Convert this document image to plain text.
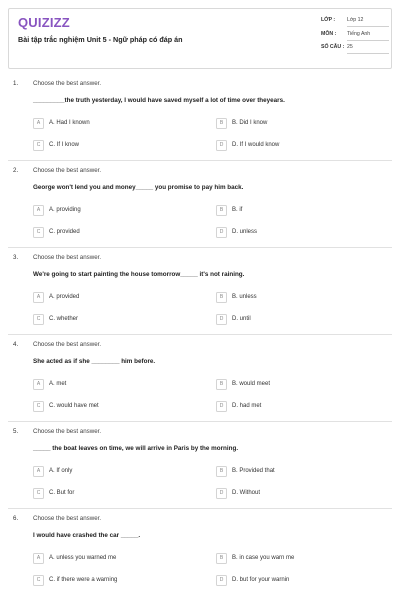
QUIZIZZ
Bài tập trắc nghiệm Unit 5 - Ngữ pháp có đáp án
LỚP : Lớp 12
MÔN : Tiếng Anh
SỐ CÂU : 25
1. Choose the best answer.
_________the truth yesterday, I would have saved myself a lot of time over theyears.
A	A. Had I known	B	B. Did I know
C	C. If I know	D	D. If I would know
2. Choose the best answer.
George won't lend you and money_____ you promise to pay him back.
A	A. providing	B	B. if
C	C. provided	D	D. unless
3. Choose the best answer.
We're going to start painting the house tomorrow_____ it's not raining.
A	A. provided	B	B. unless
C	C. whether	D	D. until
4. Choose the best answer.
She acted as if she ________ him before.
A	A. met	B	B. would meet
C	C. would have met	D	D. had met
5. Choose the best answer.
_____ the boat leaves on time, we will arrive in Paris by the morning.
A	A. If only	B	B. Provided that
C	C. But for	D	D. Without
6. Choose the best answer.
I would have crashed the car _____.
A	A. unless you warned me	B	B. in case you warn me
C	C. if there were a warning	D	D. but for your warnin
